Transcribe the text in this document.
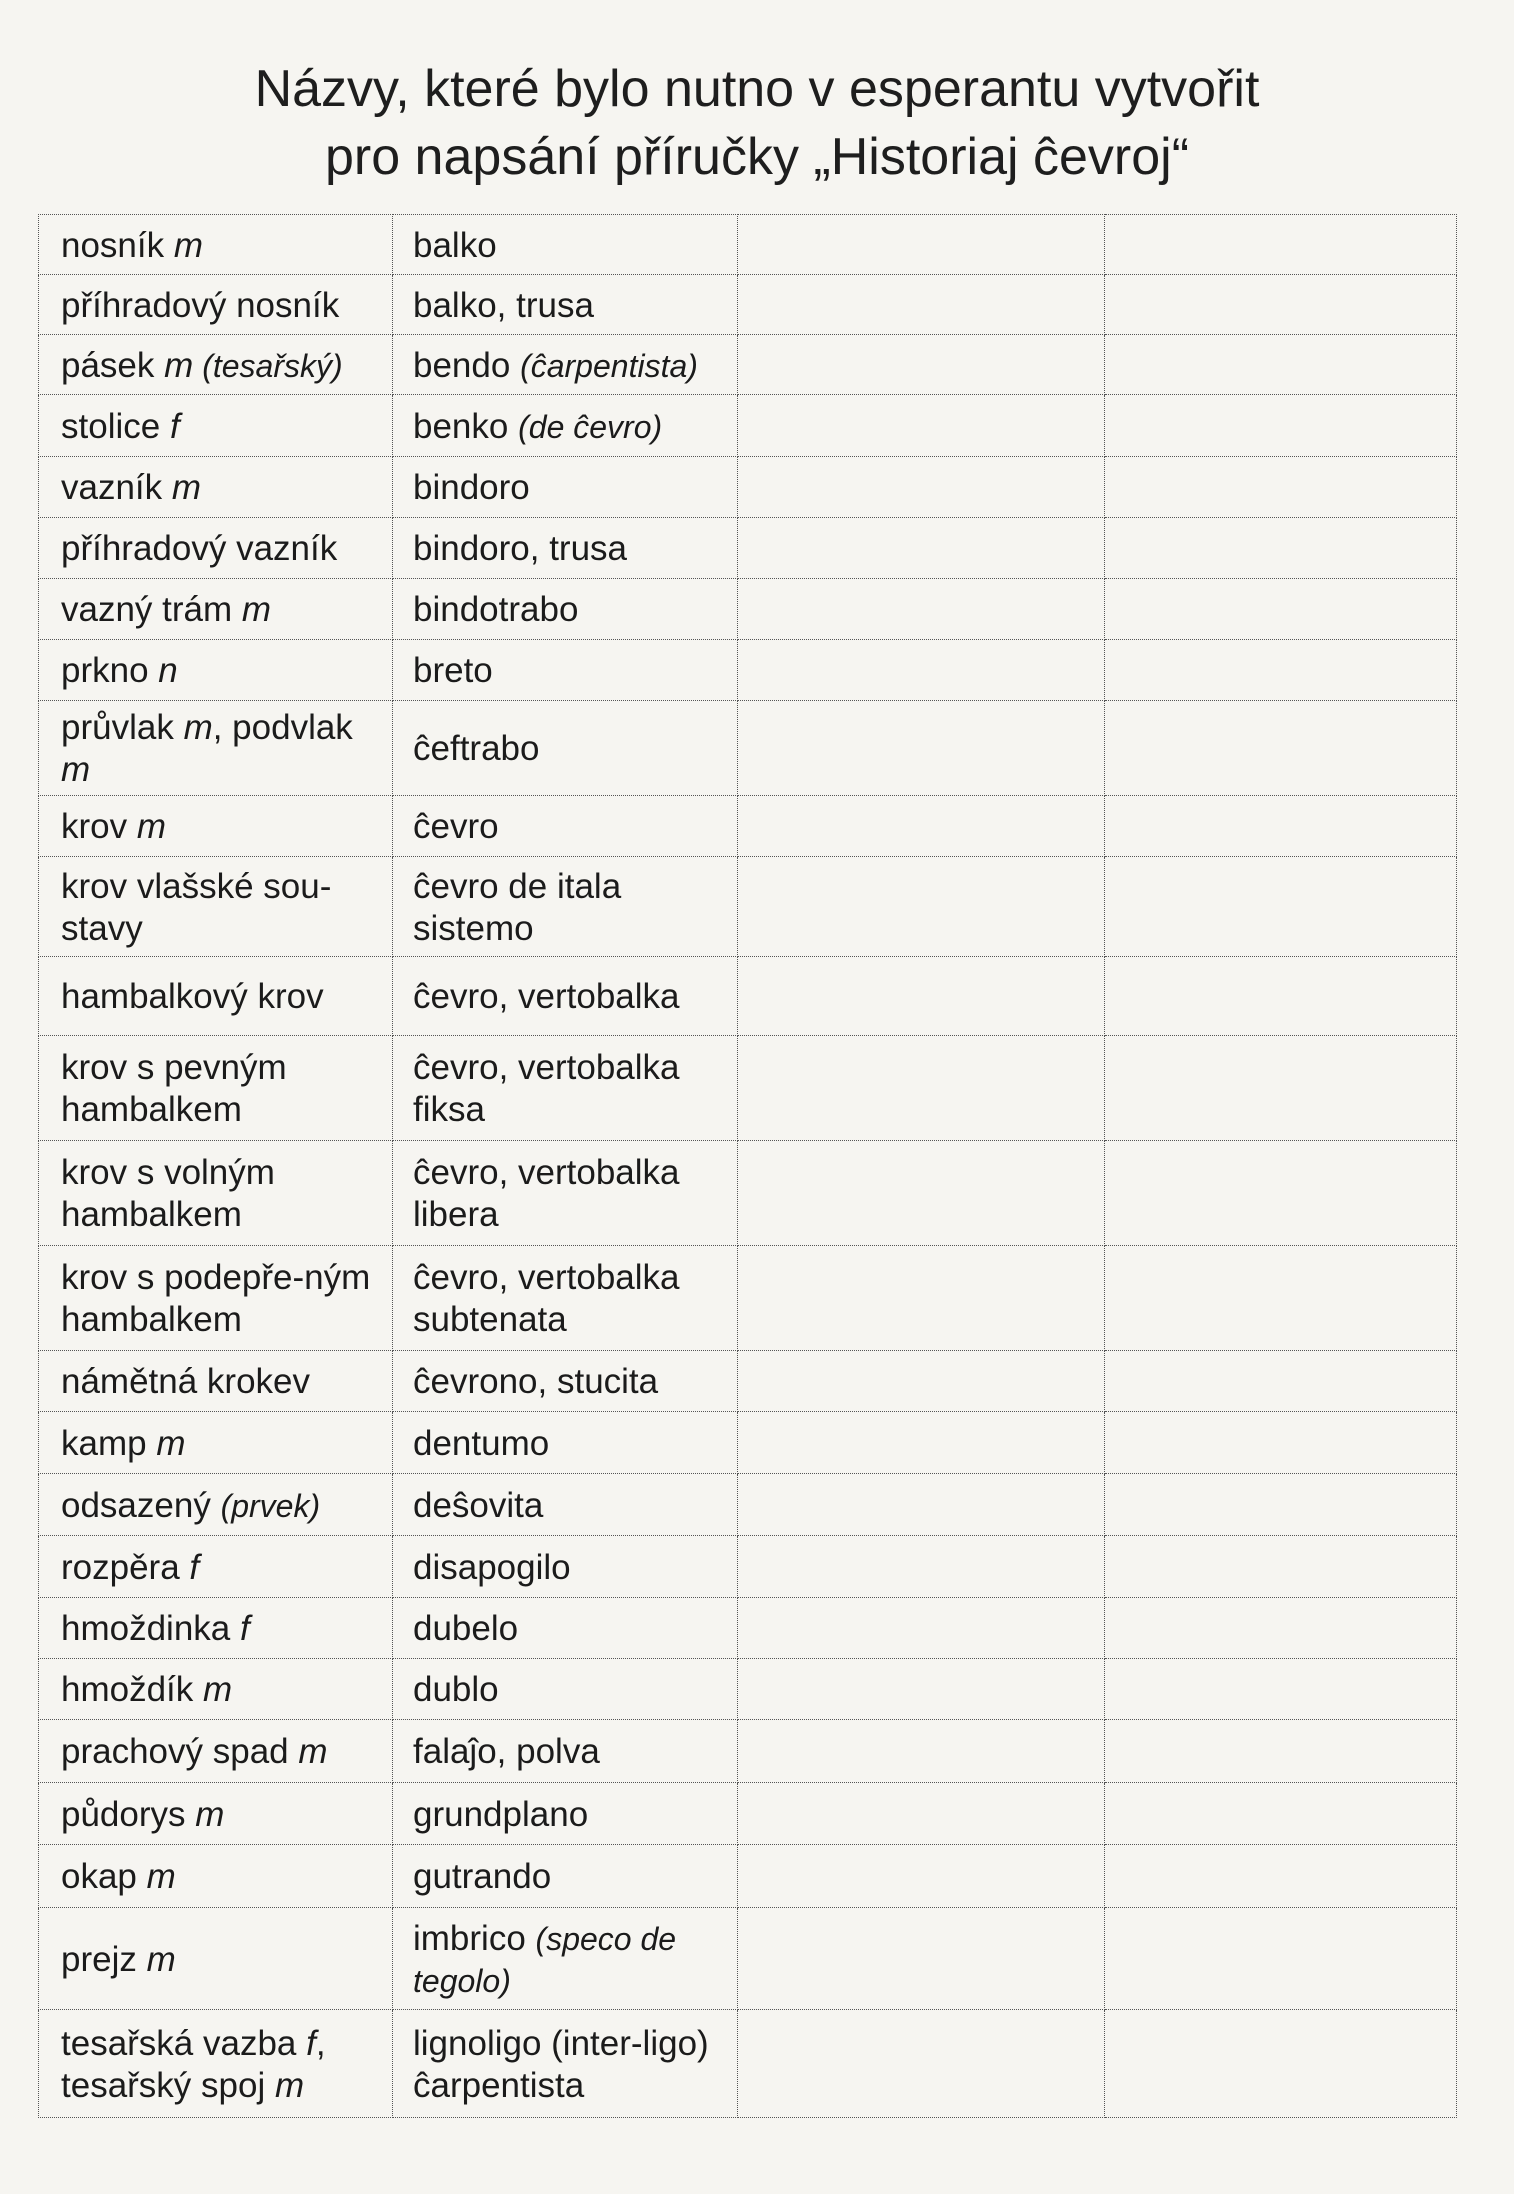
Názvy, které bylo nutno v esperantu vytvořit
pro napsání příručky „Historiaj ĉevroj“
nosník m	balko		
příhradový nosník	balko, trusa		
pásek m (tesařský)	bendo (ĉarpentista)		
stolice f	benko (de ĉevro)		
vazník m	bindoro		
příhradový vazník	bindoro, trusa		
vazný trám m	bindotrabo		
prkno n	breto		
průvlak m, podvlak m	ĉeftrabo		
krov m	ĉevro		
krov vlašské sou-stavy	ĉevro de itala sistemo		
hambalkový krov	ĉevro, vertobalka		
krov s pevným hambalkem	ĉevro, vertobalka fiksa		
krov s volným hambalkem	ĉevro, vertobalka libera		
krov s podepře-ným hambalkem	ĉevro, vertobalka subtenata		
námětná krokev	ĉevrono, stucita		
kamp m	dentumo		
odsazený (prvek)	deŝovita		
rozpěra f	disapogilo		
hmoždinka f	dubelo		
hmoždík m	dublo		
prachový spad m	falaĵo, polva		
půdorys m	grundplano		
okap m	gutrando		
prejz m	imbrico (speco de tegolo)		
tesařská vazba f, tesařský spoj m	lignoligo (inter-ligo) ĉarpentista		
